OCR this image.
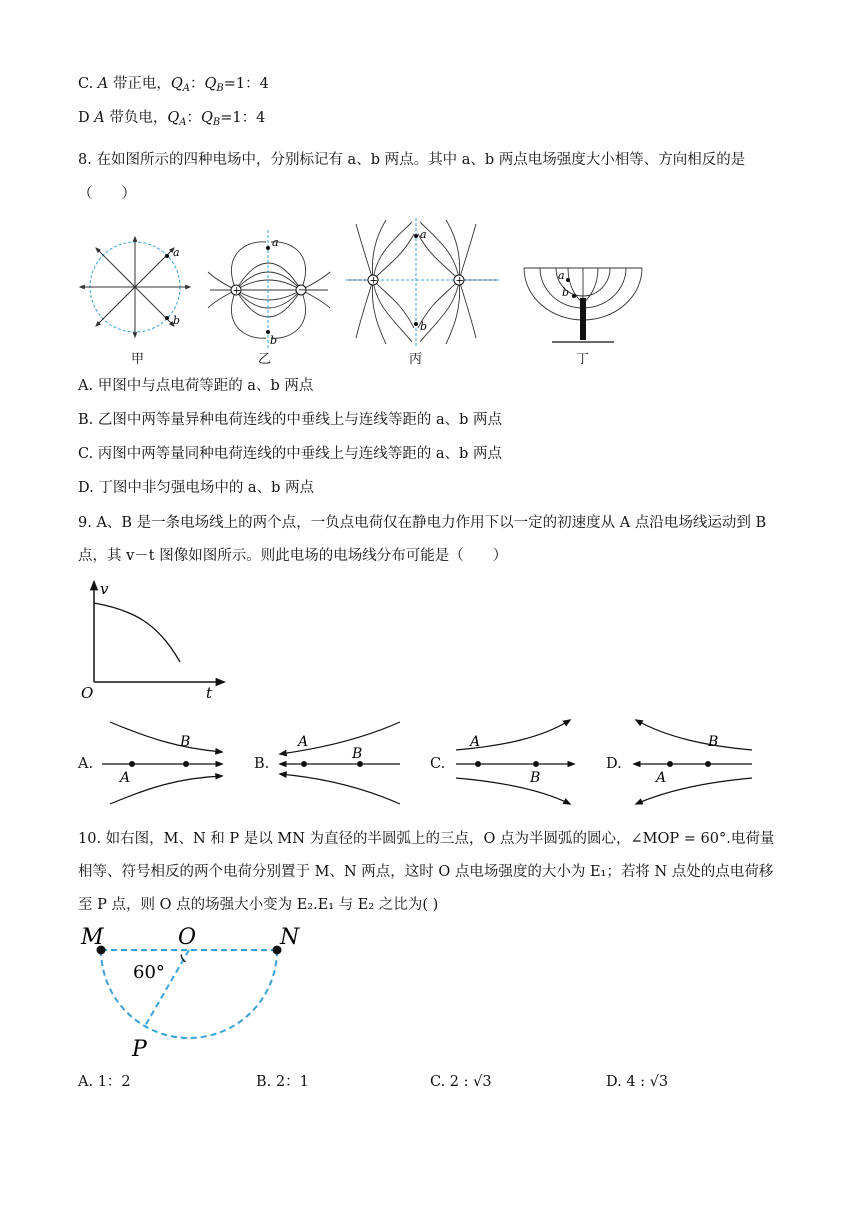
C. A 带正电，$Q_A$：$Q_B=1$：4
D A 带负电，$Q_A$：$Q_B=1$：4
8. 在如图所示的四种电场中，分别标记有 a、b 两点。其中 a、b 两点电场强度大小相等、方向相反的是
（　　）
a
b
甲
+	−
a
b
乙
+	+
a
b
丙
a
b
丁
A. 甲图中与点电荷等距的 a、b 两点
B. 乙图中两等量异种电荷连线的中垂线上与连线等距的 a、b 两点
C. 丙图中两等量同种电荷连线的中垂线上与连线等距的 a、b 两点
D. 丁图中非匀强电场中的 a、b 两点
9. A、B 是一条电场线上的两个点，一负点电荷仅在静电力作用下以一定的初速度从 A 点沿电场线运动到 B
点，其 v－t 图像如图所示。则此电场的电场线分布可能是（　　）
v
O	t
A.
B
A
B.
A
B
C.
A
B
D.
B
A
10. 如右图，M、N 和 P 是以 MN 为直径的半圆弧上的三点，O 点为半圆弧的圆心，∠MOP = 60°.电荷量
相等、符号相反的两个电荷分别置于 M、N 两点，这时 O 点电场强度的大小为 E₁；若将 N 点处的点电荷移
至 P 点，则 O 点的场强大小变为 E₂.E₁ 与 E₂ 之比为( )
M	O	N
P
60°
A. 1：2	B. 2：1	C. 2 : √3	D. 4 : √3
